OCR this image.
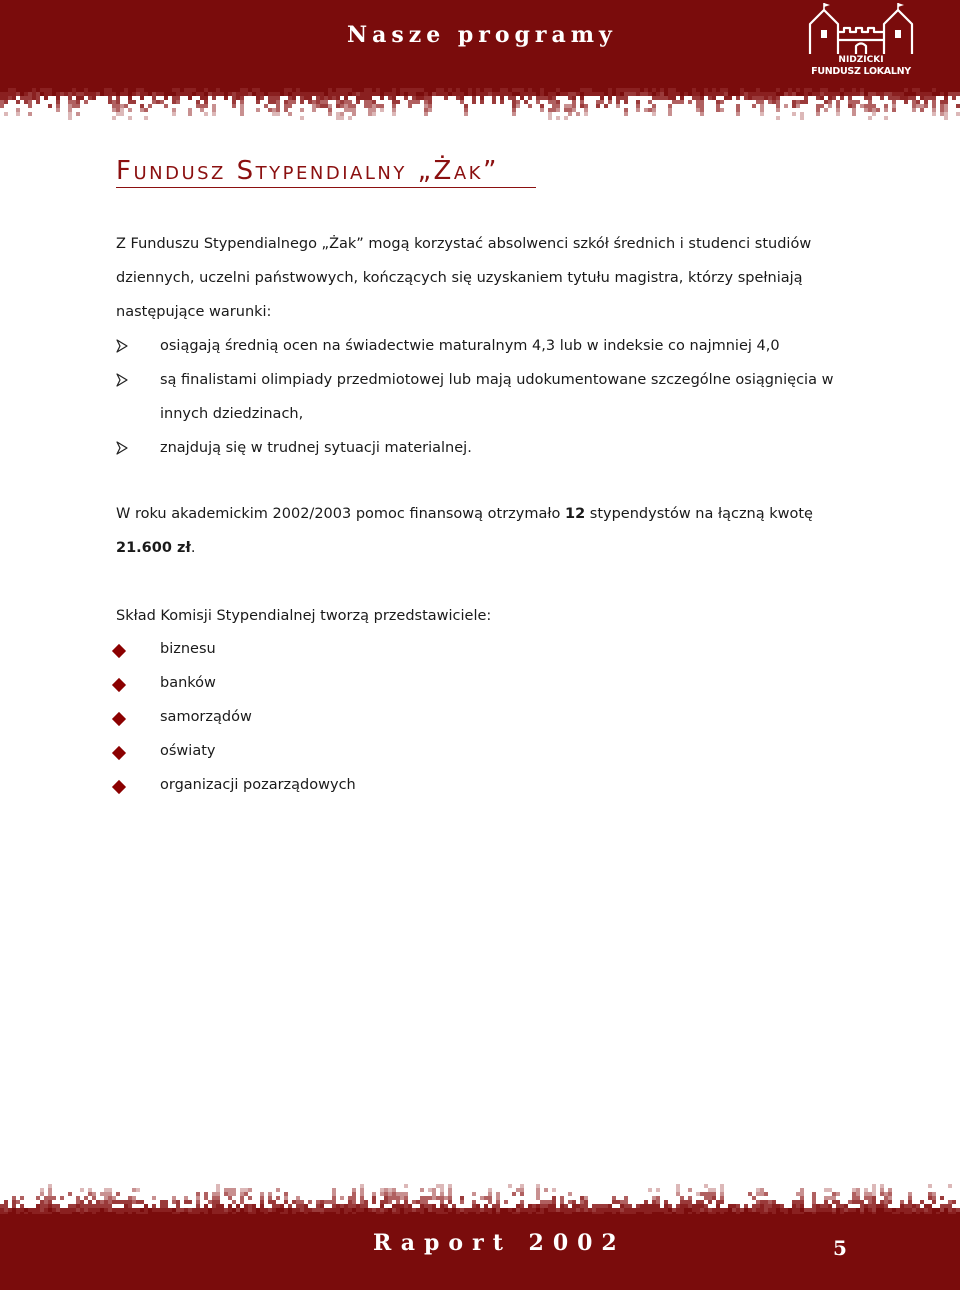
Nasze programy
NIDZICKI
FUNDUSZ LOKALNY
Fundusz Stypendialny „Żak”
Z Funduszu Stypendialnego „Żak” mogą korzystać absolwenci szkół średnich i studenci studiów
dziennych, uczelni państwowych, kończących się uzyskaniem tytułu magistra, którzy spełniają
następujące warunki:
osiągają średnią ocen na świadectwie maturalnym 4,3 lub w indeksie co najmniej 4,0
są finalistami olimpiady przedmiotowej lub mają udokumentowane szczególne osiągnięcia w
innych dziedzinach,
znajdują się w trudnej sytuacji materialnej.
W roku akademickim 2002/2003 pomoc finansową otrzymało 12 stypendystów na łączną kwotę
21.600 zł.
Skład Komisji Stypendialnej tworzą przedstawiciele:
biznesu
banków
samorządów
oświaty
organizacji pozarządowych
Raport 2002	5
